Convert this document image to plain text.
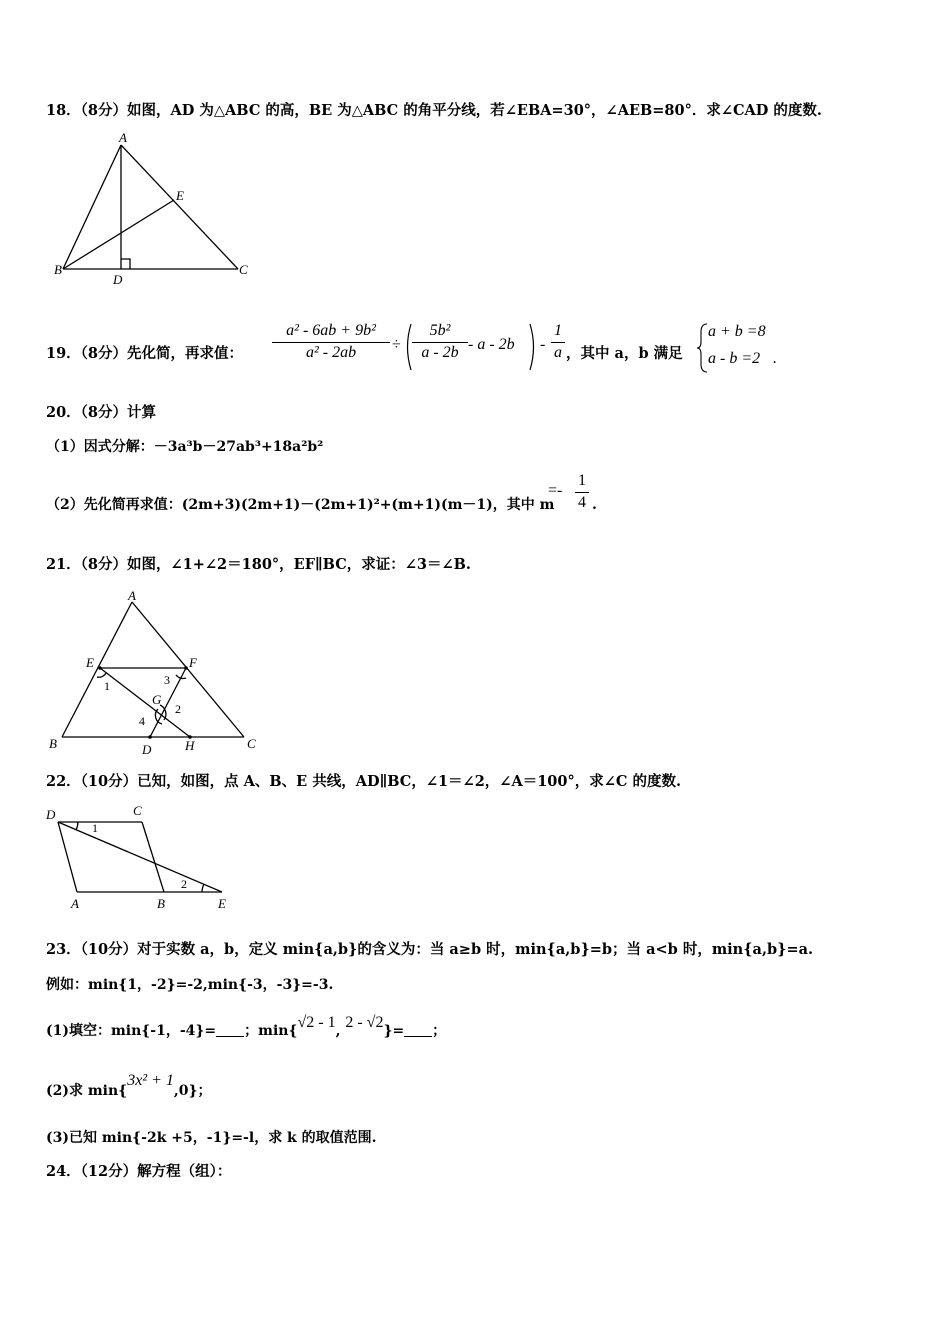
18．（8分）如图，AD 为△ABC 的高，BE 为△ABC 的角平分线，若∠EBA=30°，∠AEB=80°．求∠CAD 的度数.
A
B	C
D
E
19．（8分）先化简，再求值： $\frac{\text{a² - 6ab + 9b²}}{\text{a² - 2ab}} \div \frac{\text{5b²}}{a - 2b} - a - 2b - \frac{1}{a}$ ，其中 a，b 满足
a + b =8
a - b =2 .
20．（8分）计算
（1）因式分解：－3a³b－27ab³+18a²b²
（2）先化简再求值：(2m+3)(2m+1)－(2m+1)²+(m+1)(m－1)，其中 m
=- $\frac{1}{4}$ .
21．（8分）如图，∠1+∠2＝180°，EF∥BC，求证：∠3＝∠B.
A
B	C
D
E	F
G
H
1
2
3
4
22．（10分）已知，如图，点 A、B、E 共线，AD∥BC，∠1＝∠2，∠A＝100°，求∠C 的度数.
D	C
A	B	E
1
2
23．（10分）对于实数 a，b，定义 min{a,b}的含义为：当 a≥b 时，min{a,b}=b；当 a<b 时，min{a,b}=a.
例如：min{1，-2}=-2,min{-3，-3}=-3.
(1)填空：min{-1，-4}= ；min{√2 - 1, 2 - √2}= ；
(2)求 min{3x² + 1,0}；
(3)已知 min{-2k +5，-1}=-l，求 k 的取值范围.
24．（12分）解方程（组）：
